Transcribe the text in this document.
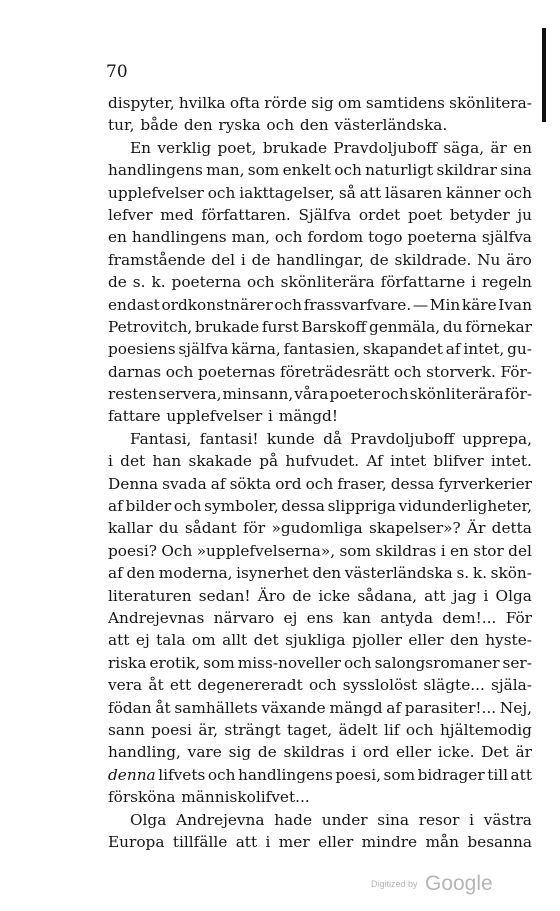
70
dispyter, hvilka ofta rörde sig om samtidens skönlitera-
tur, både den ryska och den västerländska.
En verklig poet, brukade Pravdoljuboff säga, är en
handlingens man, som enkelt och naturligt skildrar sina
upplefvelser och iakttagelser, så att läsaren känner och
lefver med författaren. Själfva ordet poet betyder ju
en handlingens man, och fordom togo poeterna själfva
framstående del i de handlingar, de skildrade. Nu äro
de s. k. poeterna och skönliterära författarne i regeln
endast ordkonstnärer och frassvarfvare. — Min käre Ivan
Petrovitch, brukade furst Barskoff genmäla, du förnekar
poesiens själfva kärna, fantasien, skapandet af intet, gu-
darnas och poeternas företrädesrätt och storverk. För-
resten servera, minsann, våra poeter och skönliterära för-
fattare upplefvelser i mängd!
Fantasi, fantasi! kunde då Pravdoljuboff upprepa,
i det han skakade på hufvudet. Af intet blifver intet.
Denna svada af sökta ord och fraser, dessa fyrverkerier
af bilder och symboler, dessa slippriga vidunderligheter,
kallar du sådant för »gudomliga skapelser»? Är detta
poesi? Och »upplefvelserna», som skildras i en stor del
af den moderna, isynerhet den västerländska s. k. skön-
literaturen sedan! Äro de icke sådana, att jag i Olga
Andrejevnas närvaro ej ens kan antyda dem!... För
att ej tala om allt det sjukliga pjoller eller den hyste-
riska erotik, som miss-noveller och salongsromaner ser-
vera åt ett degenereradt och sysslolöst slägte... själa-
födan åt samhällets växande mängd af parasiter!... Nej,
sann poesi är, strängt taget, ädelt lif och hjältemodig
handling, vare sig de skildras i ord eller icke. Det är
denna lifvets och handlingens poesi, som bidrager till att
försköna människolifvet...
Olga Andrejevna hade under sina resor i västra
Europa tillfälle att i mer eller mindre mån besanna
Digitized by Google
